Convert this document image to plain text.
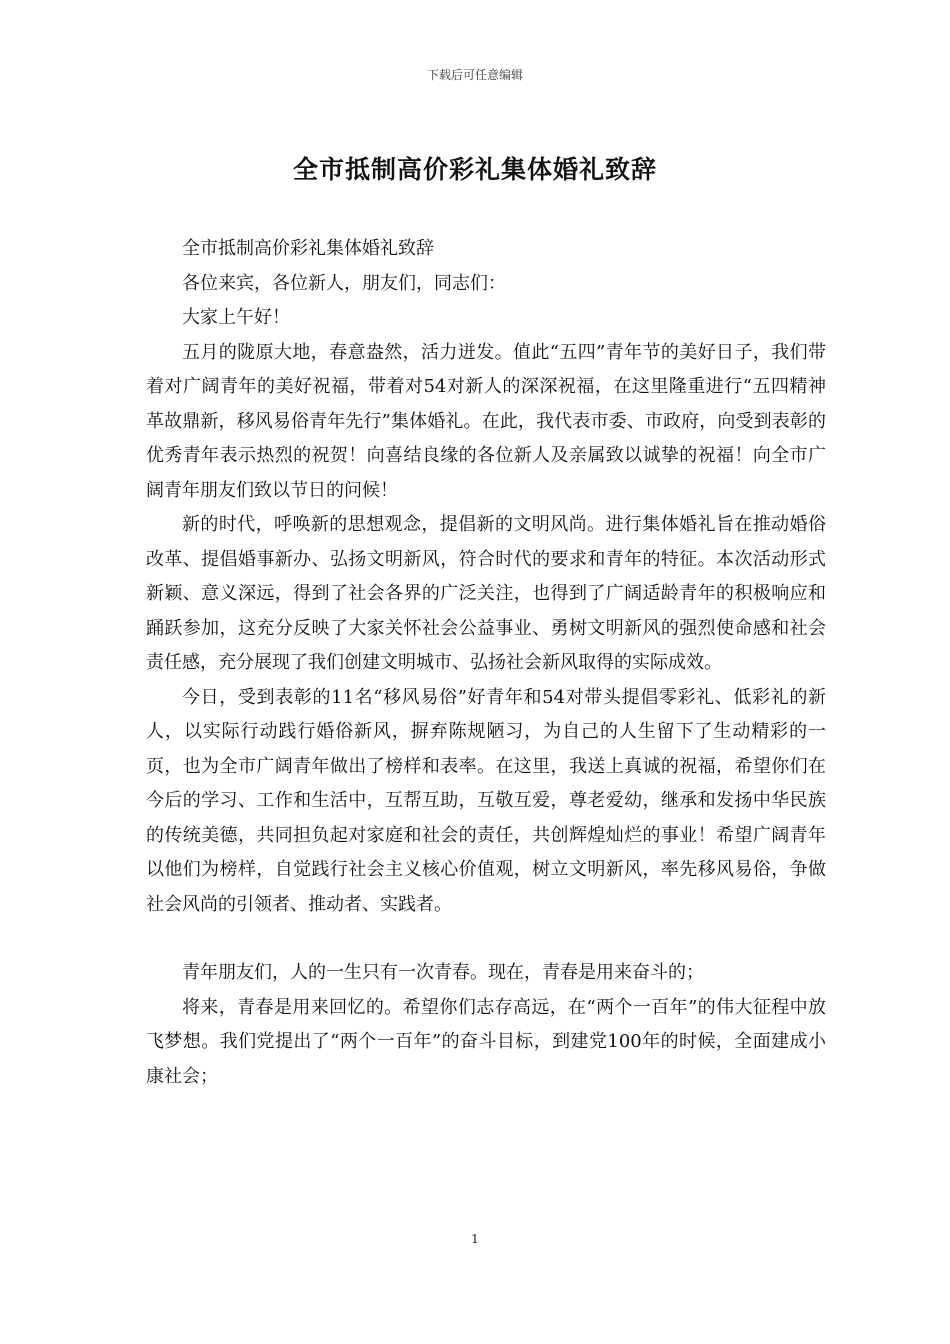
下载后可任意编辑
全市抵制高价彩礼集体婚礼致辞

全市抵制高价彩礼集体婚礼致辞

各位来宾，各位新人，朋友们，同志们：

大家上午好！

五月的陇原大地，春意盎然，活力迸发。值此“五四”青年节的美好日子，我们带着对广阔青年的美好祝福，带着对54对新人的深深祝福，在这里隆重进行“五四精神革故鼎新，移风易俗青年先行”集体婚礼。在此，我代表市委、市政府，向受到表彰的优秀青年表示热烈的祝贺！向喜结良缘的各位新人及亲属致以诚挚的祝福！向全市广阔青年朋友们致以节日的问候！

新的时代，呼唤新的思想观念，提倡新的文明风尚。进行集体婚礼旨在推动婚俗改革、提倡婚事新办、弘扬文明新风，符合时代的要求和青年的特征。本次活动形式新颖、意义深远，得到了社会各界的广泛关注，也得到了广阔适龄青年的积极响应和踊跃参加，这充分反映了大家关怀社会公益事业、勇树文明新风的强烈使命感和社会责任感，充分展现了我们创建文明城市、弘扬社会新风取得的实际成效。

今日，受到表彰的11名“移风易俗”好青年和54对带头提倡零彩礼、低彩礼的新人，以实际行动践行婚俗新风，摒弃陈规陋习，为自己的人生留下了生动精彩的一页，也为全市广阔青年做出了榜样和表率。在这里，我送上真诚的祝福，希望你们在今后的学习、工作和生活中，互帮互助，互敬互爱，尊老爱幼，继承和发扬中华民族的传统美德，共同担负起对家庭和社会的责任，共创辉煌灿烂的事业！希望广阔青年以他们为榜样，自觉践行社会主义核心价值观，树立文明新风，率先移风易俗，争做社会风尚的引领者、推动者、实践者。

青年朋友们，人的一生只有一次青春。现在，青春是用来奋斗的；

将来，青春是用来回忆的。希望你们志存高远，在“两个一百年”的伟大征程中放飞梦想。我们党提出了“两个一百年”的奋斗目标，到建党100年的时候，全面建成小康社会；

1
